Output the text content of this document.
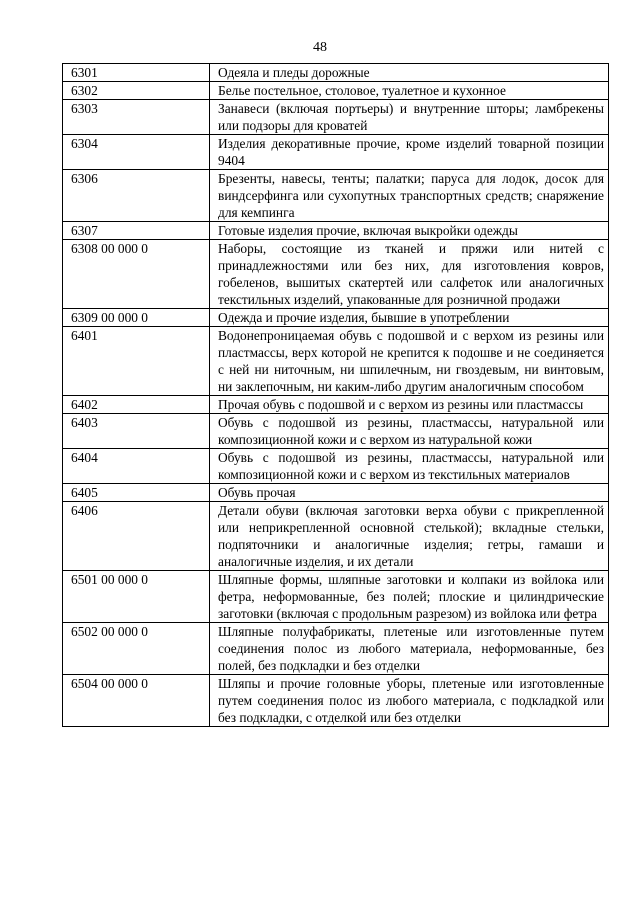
48
6301	Одеяла и пледы дорожные
6302	Белье постельное, столовое, туалетное и кухонное
6303	Занавеси (включая портьеры) и внутренние шторы; ламбрекены или подзоры для кроватей
6304	Изделия декоративные прочие, кроме изделий товарной позиции 9404
6306	Брезенты, навесы, тенты; палатки; паруса для лодок, досок для виндсерфинга или сухопутных транспортных средств; снаряжение для кемпинга
6307	Готовые изделия прочие, включая выкройки одежды
6308 00 000 0	Наборы, состоящие из тканей и пряжи или нитей с принадлежностями или без них, для изготовления ковров, гобеленов, вышитых скатертей или салфеток или аналогичных текстильных изделий, упакованные для розничной продажи
6309 00 000 0	Одежда и прочие изделия, бывшие в употреблении
6401	Водонепроницаемая обувь с подошвой и с верхом из резины или пластмассы, верх которой не крепится к подошве и не соединяется с ней ни ниточным, ни шпилечным, ни гвоздевым, ни винтовым, ни заклепочным, ни каким-либо другим аналогичным способом
6402	Прочая обувь с подошвой и с верхом из резины или пластмассы
6403	Обувь с подошвой из резины, пластмассы, натуральной или композиционной кожи и с верхом из натуральной кожи
6404	Обувь с подошвой из резины, пластмассы, натуральной или композиционной кожи и с верхом из текстильных материалов
6405	Обувь прочая
6406	Детали обуви (включая заготовки верха обуви с прикрепленной или неприкрепленной основной стелькой); вкладные стельки, подпяточники и аналогичные изделия; гетры, гамаши и аналогичные изделия, и их детали
6501 00 000 0	Шляпные формы, шляпные заготовки и колпаки из войлока или фетра, неформованные, без полей; плоские и цилиндрические заготовки (включая с продольным разрезом) из войлока или фетра
6502 00 000 0	Шляпные полуфабрикаты, плетеные или изготовленные путем соединения полос из любого материала, неформованные, без полей, без подкладки и без отделки
6504 00 000 0	Шляпы и прочие головные уборы, плетеные или изготовленные путем соединения полос из любого материала, с подкладкой или без подкладки, с отделкой или без отделки
